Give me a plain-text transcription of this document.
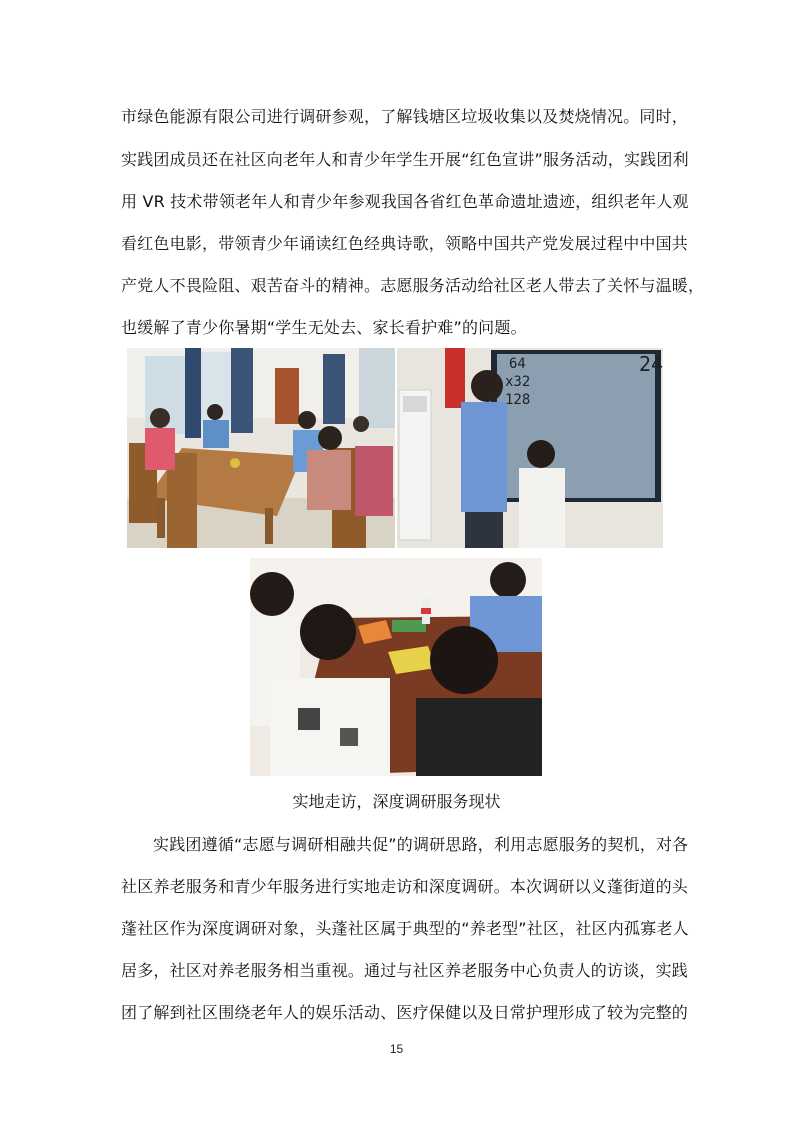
市绿色能源有限公司进行调研参观，了解钱塘区垃圾收集以及焚烧情况。同时，
实践团成员还在社区向老年人和青少年学生开展“红色宣讲”服务活动，实践团利
用 VR 技术带领老年人和青少年参观我国各省红色革命遗址遗迹，组织老年人观
看红色电影，带领青少年诵读红色经典诗歌，领略中国共产党发展过程中中国共
产党人不畏险阻、艰苦奋斗的精神。志愿服务活动给社区老人带去了关怀与温暖，
也缓解了青少你暑期“学生无处去、家长看护难”的问题。
64
x32
128
24
实地走访，深度调研服务现状
实践团遵循“志愿与调研相融共促”的调研思路，利用志愿服务的契机，对各
社区养老服务和青少年服务进行实地走访和深度调研。本次调研以义蓬街道的头
蓬社区作为深度调研对象，头蓬社区属于典型的“养老型”社区，社区内孤寡老人
居多，社区对养老服务相当重视。通过与社区养老服务中心负责人的访谈，实践
团了解到社区围绕老年人的娱乐活动、医疗保健以及日常护理形成了较为完整的
15
